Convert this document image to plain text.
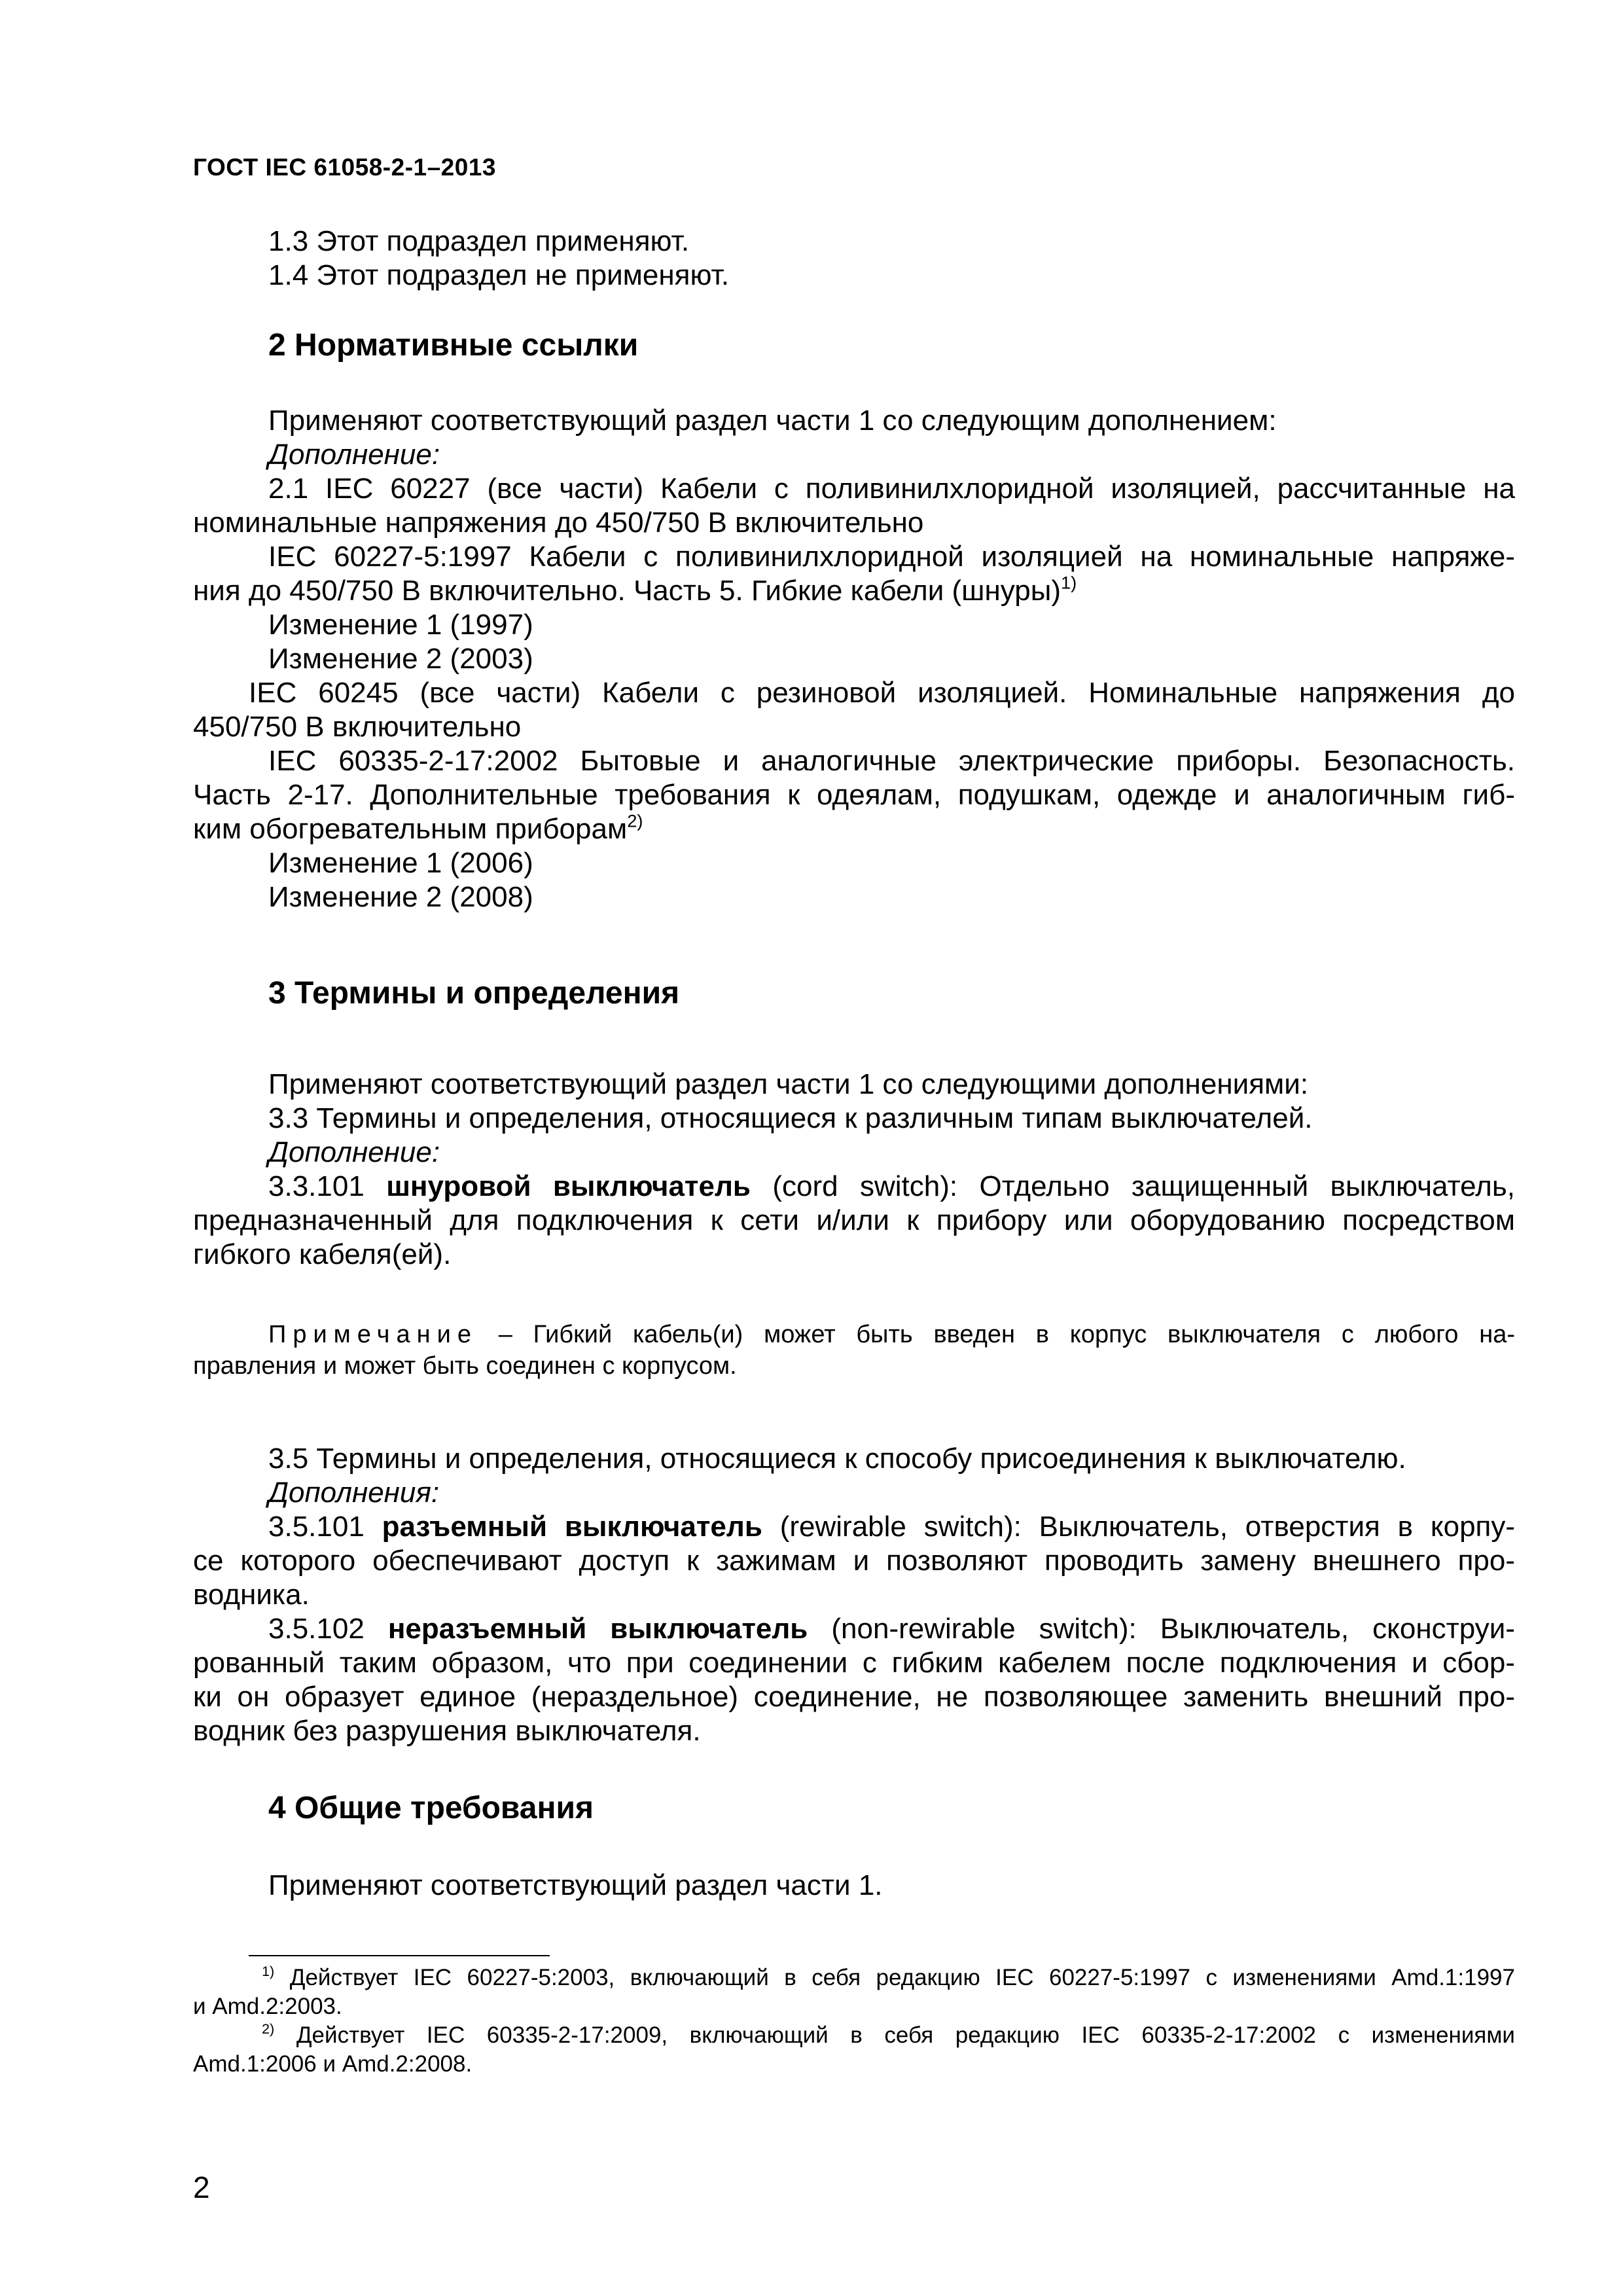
ГОСТ IEC 61058-2-1–2013
1.3 Этот подраздел применяют.
1.4 Этот подраздел не применяют.
2 Нормативные ссылки
Применяют соответствующий раздел части 1 со следующим дополнением:
Дополнение:
2.1 IEC 60227 (все части) Кабели с поливинилхлоридной изоляцией, рассчитанные на
номинальные напряжения до 450/750 В включительно
IEC 60227-5:1997 Кабели с поливинилхлоридной изоляцией на номинальные напряже-
ния до 450/750 В включительно. Часть 5. Гибкие кабели (шнуры)$^{1)}$
Изменение 1 (1997)
Изменение 2 (2003)
IEC 60245 (все части) Кабели с резиновой изоляцией. Номинальные напряжения до
450/750 В включительно
IEC 60335-2-17:2002 Бытовые и аналогичные электрические приборы. Безопасность.
Часть 2-17. Дополнительные требования к одеялам, подушкам, одежде и аналогичным гиб-
ким обогревательным приборам$^{2)}$
Изменение 1 (2006)
Изменение 2 (2008)
3 Термины и определения
Применяют соответствующий раздел части 1 со следующими дополнениями:
3.3 Термины и определения, относящиеся к различным типам выключателей.
Дополнение:
3.3.101 шнуровой выключатель (cord switch): Отдельно защищенный выключатель,
предназначенный для подключения к сети и/или к прибору или оборудованию посредством
гибкого кабеля(ей).
Примечание – Гибкий кабель(и) может быть введен в корпус выключателя с любого на-
правления и может быть соединен с корпусом.
3.5 Термины и определения, относящиеся к способу присоединения к выключателю.
Дополнения:
3.5.101 разъемный выключатель (rewirable switch): Выключатель, отверстия в корпу-
се которого обеспечивают доступ к зажимам и позволяют проводить замену внешнего про-
водника.
3.5.102 неразъемный выключатель (non-rewirable switch): Выключатель, сконструи-
рованный таким образом, что при соединении с гибким кабелем после подключения и сбор-
ки он образует единое (нераздельное) соединение, не позволяющее заменить внешний про-
водник без разрушения выключателя.
4 Общие требования
Применяют соответствующий раздел части 1.
$^{1)}$ Действует IEC 60227-5:2003, включающий в себя редакцию IEC 60227-5:1997 с изменениями Amd.1:1997
и Amd.2:2003.
$^{2)}$ Действует IEC 60335-2-17:2009, включающий в себя редакцию IEC 60335-2-17:2002 с изменениями
Amd.1:2006 и Amd.2:2008.
2
